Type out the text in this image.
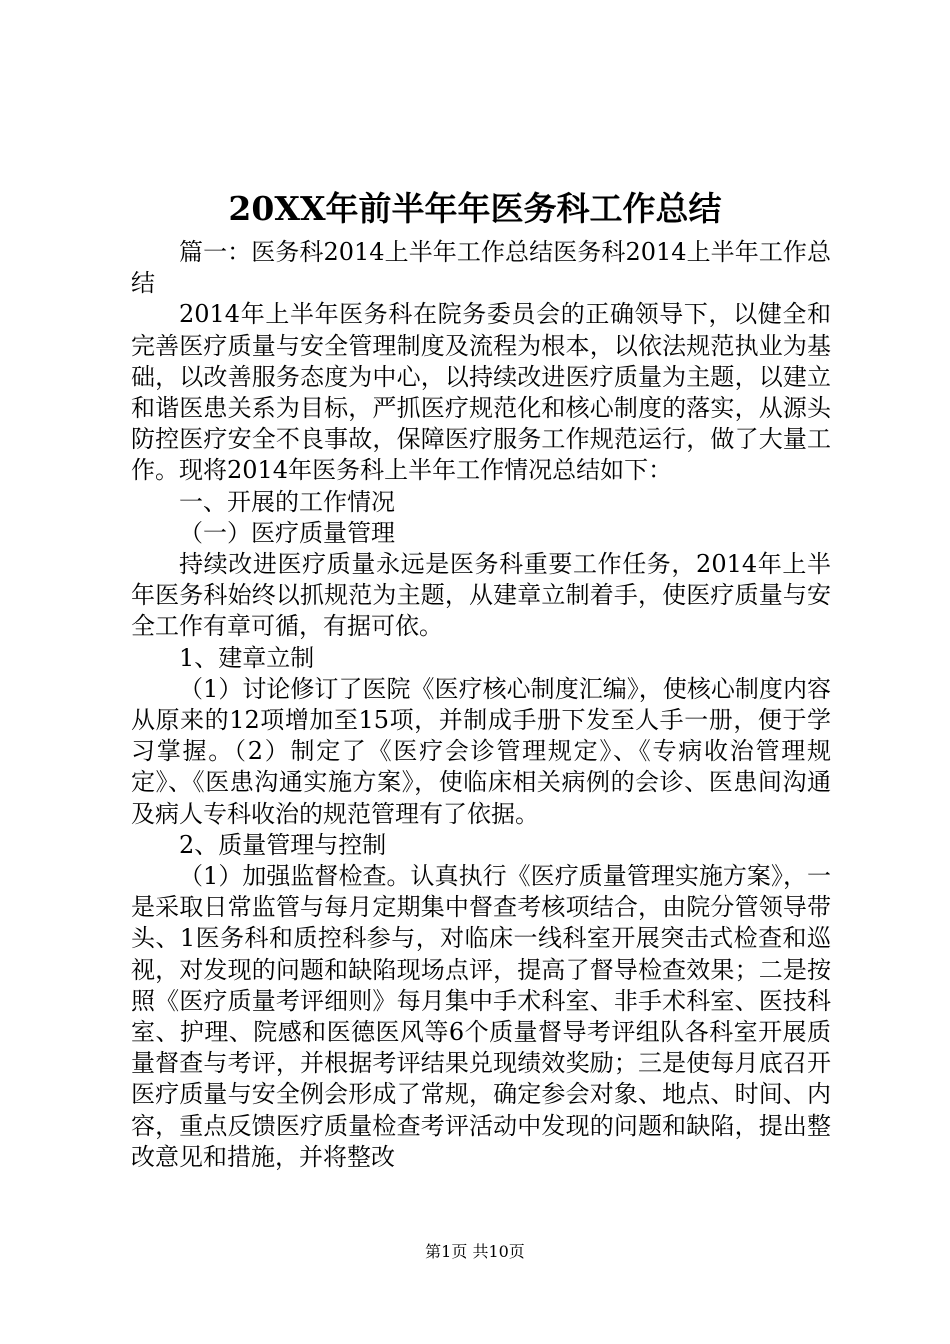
20XX年前半年年医务科工作总结

篇一：医务科2014上半年工作总结医务科2014上半年工作总结

2014年上半年医务科在院务委员会的正确领导下，以健全和完善医疗质量与安全管理制度及流程为根本，以依法规范执业为基础，以改善服务态度为中心，以持续改进医疗质量为主题，以建立和谐医患关系为目标，严抓医疗规范化和核心制度的落实，从源头防控医疗安全不良事故，保障医疗服务工作规范运行，做了大量工作。现将2014年医务科上半年工作情况总结如下：

一、开展的工作情况

（一）医疗质量管理

持续改进医疗质量永远是医务科重要工作任务，2014年上半年医务科始终以抓规范为主题，从建章立制着手，使医疗质量与安全工作有章可循，有据可依。

1、建章立制

（1）讨论修订了医院《医疗核心制度汇编》，使核心制度内容从原来的12项增加至15项，并制成手册下发至人手一册，便于学习掌握。（2）制定了《医疗会诊管理规定》、《专病收治管理规定》、《医患沟通实施方案》，使临床相关病例的会诊、医患间沟通及病人专科收治的规范管理有了依据。

2、质量管理与控制

（1）加强监督检查。认真执行《医疗质量管理实施方案》，一是采取日常监管与每月定期集中督查考核项结合，由院分管领导带头、1医务科和质控科参与，对临床一线科室开展突击式检查和巡视，对发现的问题和缺陷现场点评，提高了督导检查效果；二是按照《医疗质量考评细则》每月集中手术科室、非手术科室、医技科室、护理、院感和医德医风等6个质量督导考评组队各科室开展质量督查与考评，并根据考评结果兑现绩效奖励；三是使每月底召开医疗质量与安全例会形成了常规，确定参会对象、地点、时间、内容，重点反馈医疗质量检查考评活动中发现的问题和缺陷，提出整改意见和措施，并将整改

第1页 共10页
